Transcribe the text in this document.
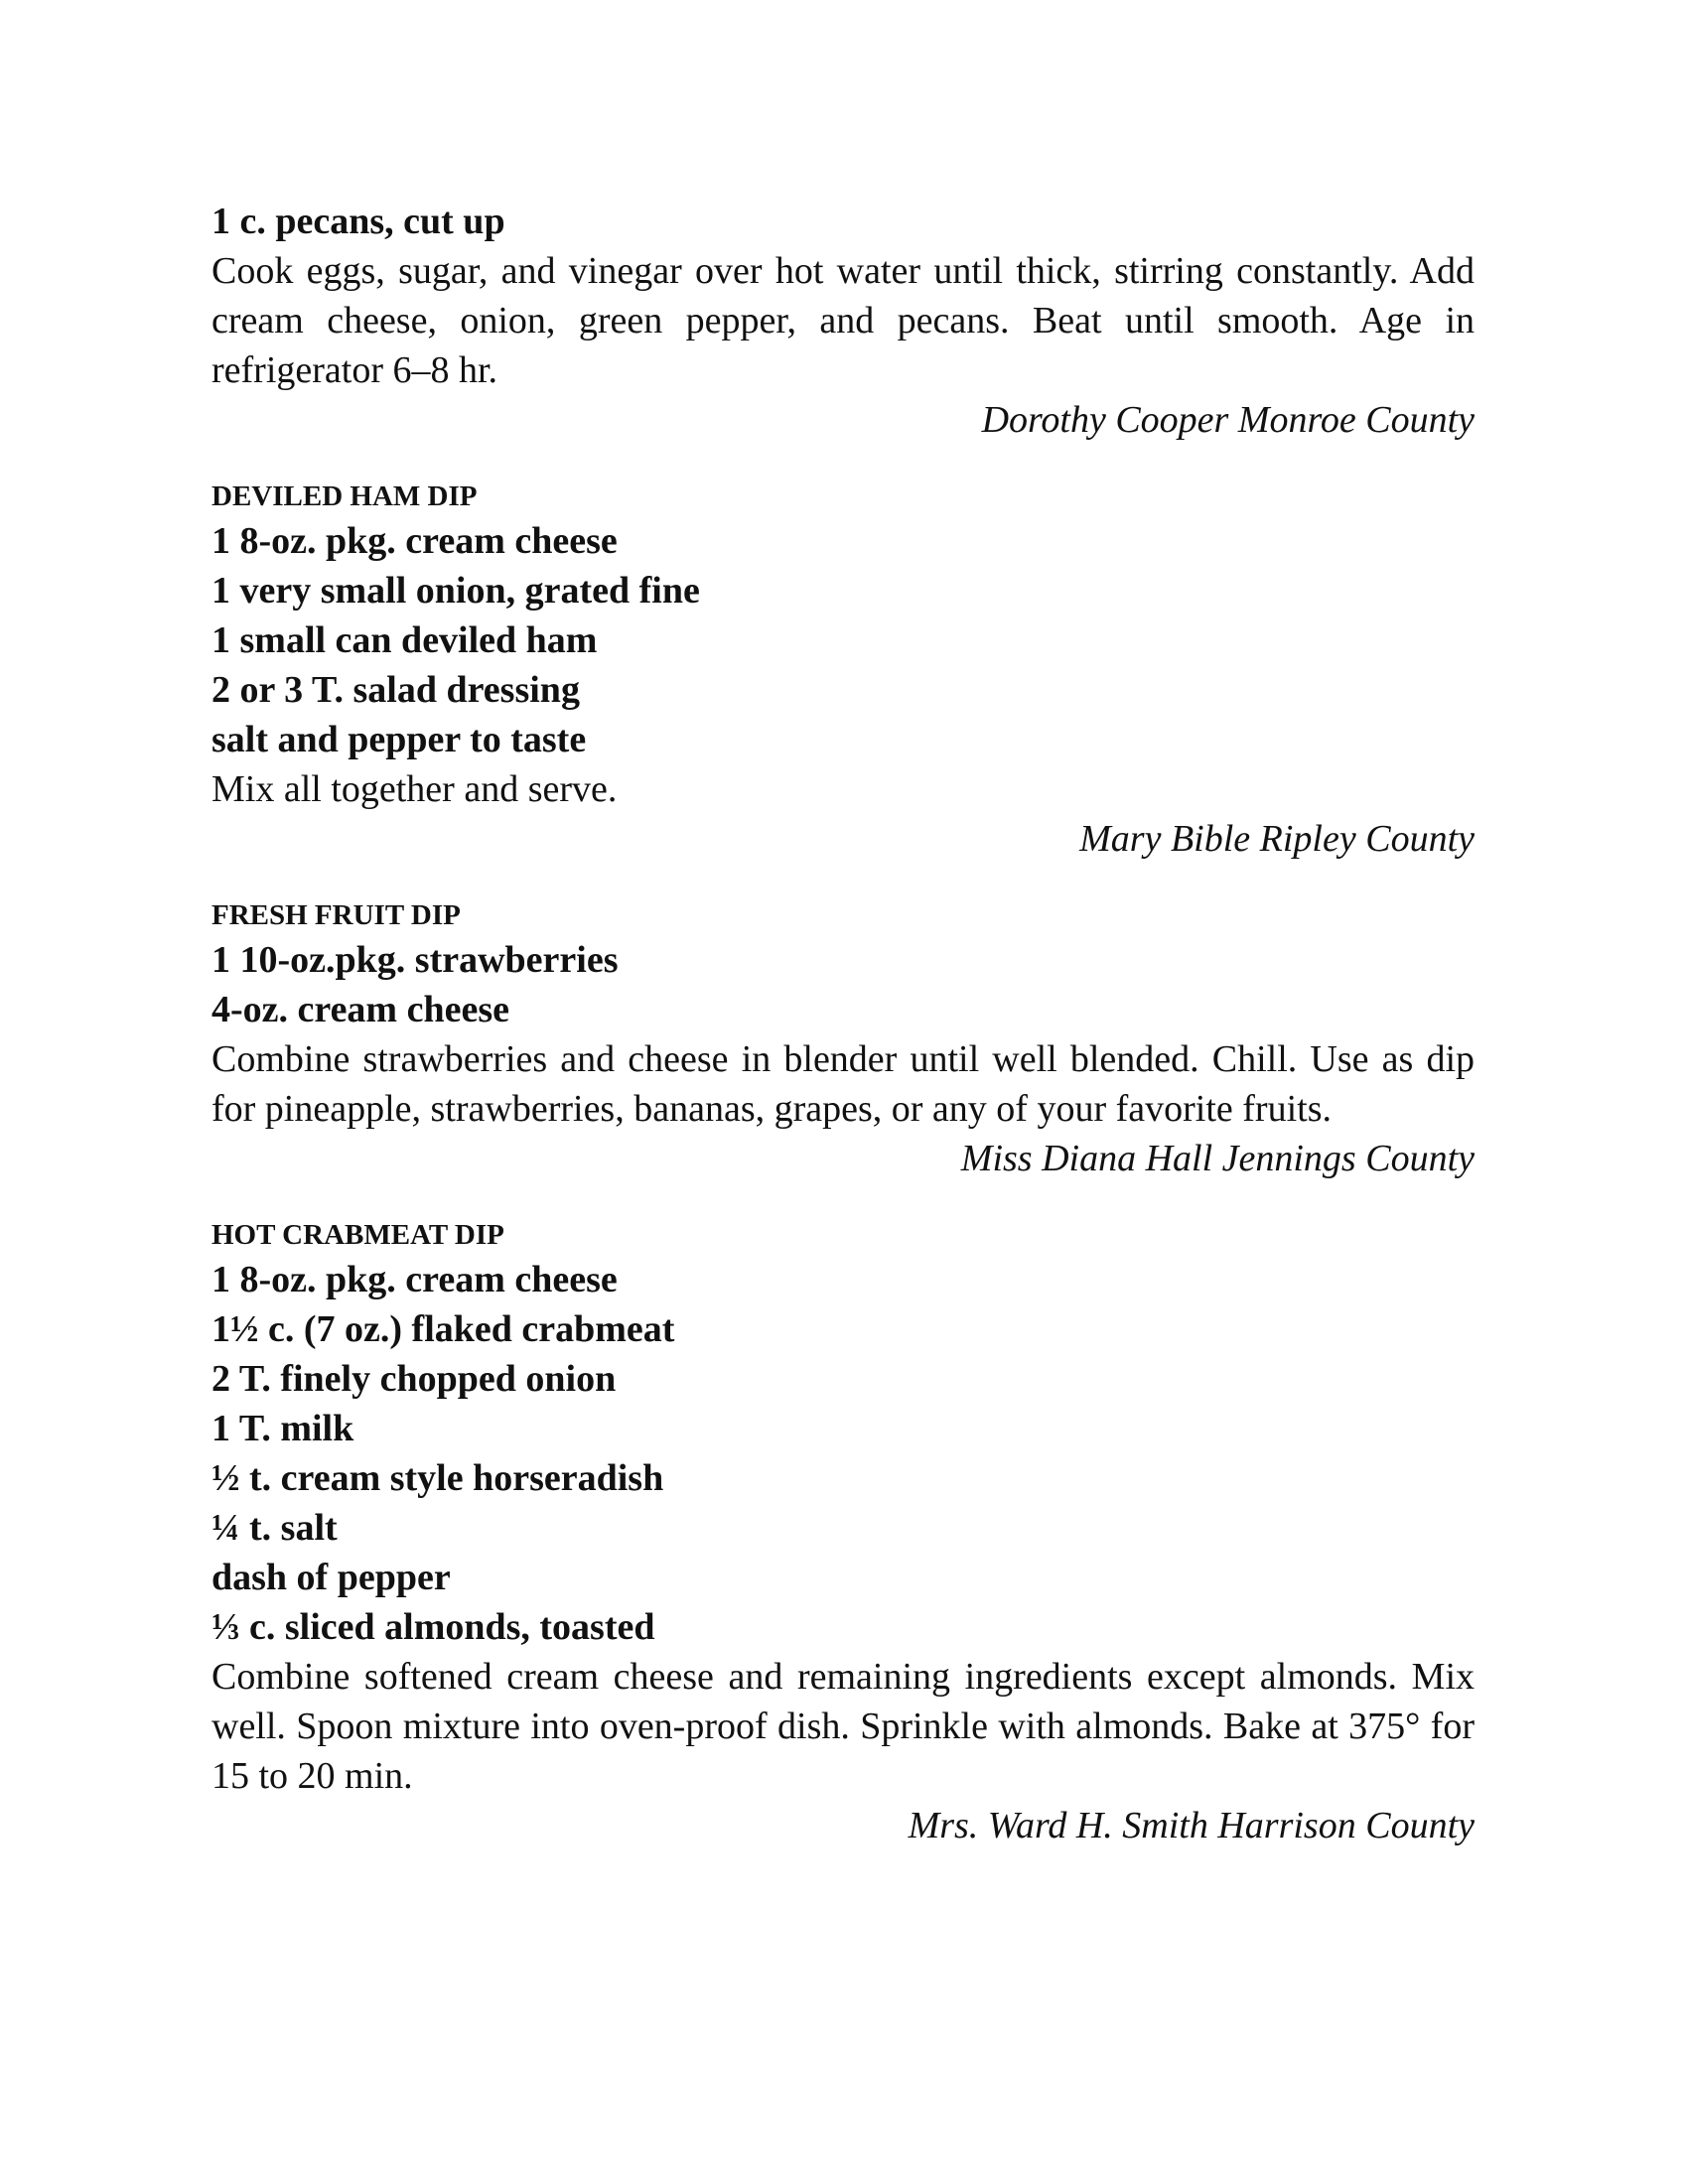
1 c. pecans, cut up

Cook eggs, sugar, and vinegar over hot water until thick, stirring constantly. Add cream cheese, onion, green pepper, and pecans. Beat until smooth. Age in refrigerator 6–8 hr.

Dorothy Cooper Monroe County

DEVILED HAM DIP

1 8-oz. pkg. cream cheese

1 very small onion, grated fine

1 small can deviled ham

2 or 3 T. salad dressing

salt and pepper to taste

Mix all together and serve.

Mary Bible Ripley County

FRESH FRUIT DIP

1 10-oz.pkg. strawberries

4-oz. cream cheese

Combine strawberries and cheese in blender until well blended. Chill. Use as dip for pineapple, strawberries, bananas, grapes, or any of your favorite fruits.

Miss Diana Hall Jennings County

HOT CRABMEAT DIP

1 8-oz. pkg. cream cheese

1½ c. (7 oz.) flaked crabmeat

2 T. finely chopped onion

1 T. milk

½ t. cream style horseradish

¼ t. salt

dash of pepper

⅓ c. sliced almonds, toasted

Combine softened cream cheese and remaining ingredients except almonds. Mix well. Spoon mixture into oven-proof dish. Sprinkle with almonds. Bake at 375° for 15 to 20 min.

Mrs. Ward H. Smith Harrison County
